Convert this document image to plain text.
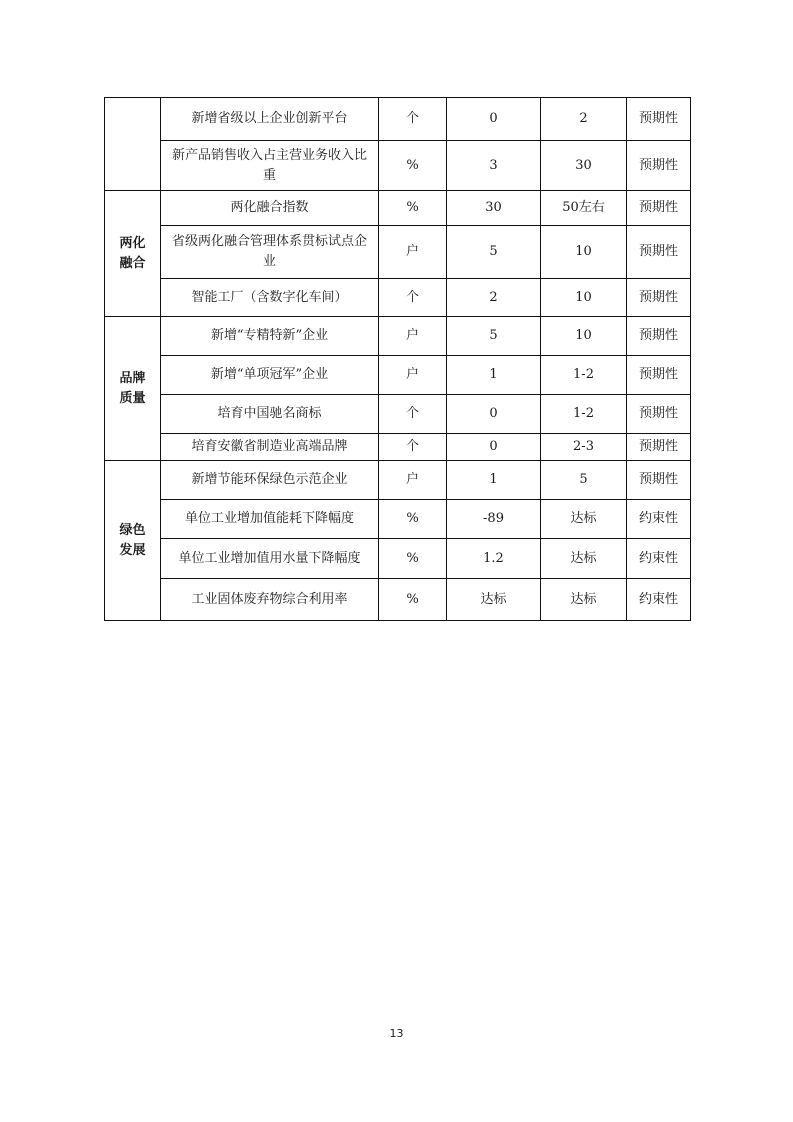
	新增省级以上企业创新平台	个	0	2	预期性
	新产品销售收入占主营业务收入比重	%	3	30	预期性
两化融合	两化融合指数	%	30	50左右	预期性
	省级两化融合管理体系贯标试点企业	户	5	10	预期性
	智能工厂（含数字化车间）	个	2	10	预期性
品牌质量	新增“专精特新”企业	户	5	10	预期性
	新增“单项冠军”企业	户	1	1-2	预期性
	培育中国驰名商标	个	0	1-2	预期性
	培育安徽省制造业高端品牌	个	0	2-3	预期性
绿色发展	新增节能环保绿色示范企业	户	1	5	预期性
	单位工业增加值能耗下降幅度	%	-89	达标	约束性
	单位工业增加值用水量下降幅度	%	1.2	达标	约束性
	工业固体废弃物综合利用率	%	达标	达标	约束性
13
